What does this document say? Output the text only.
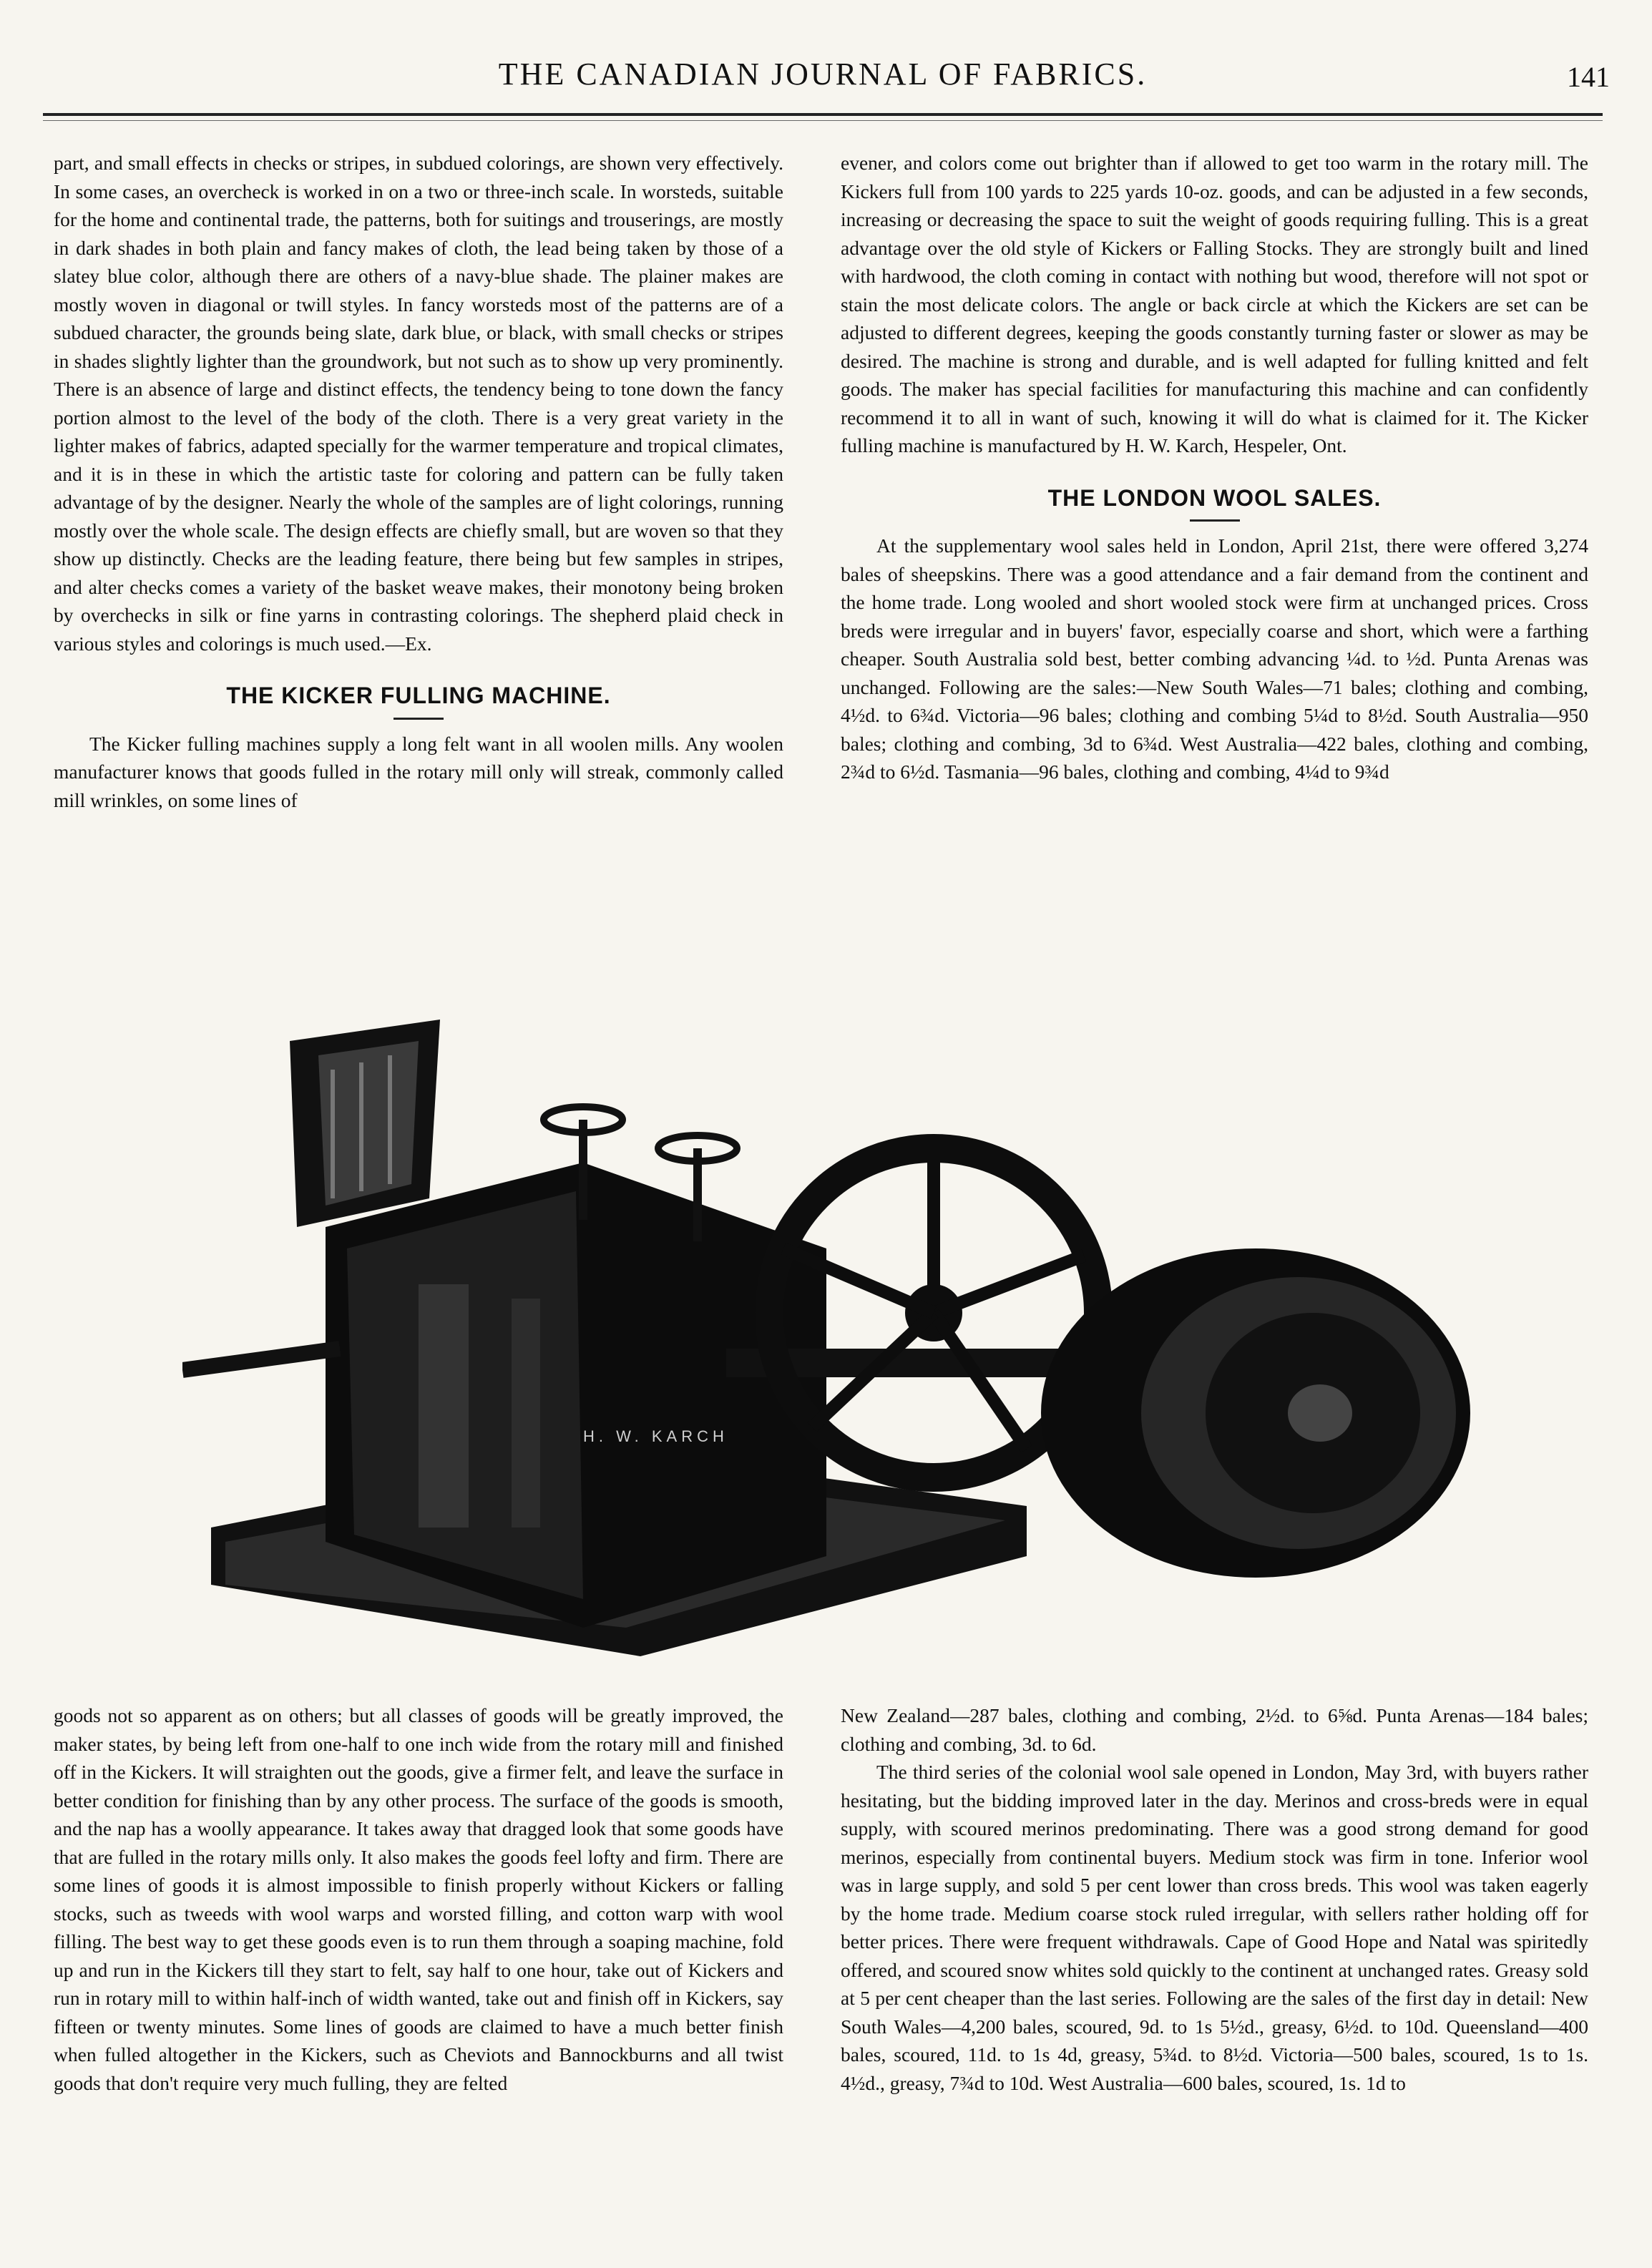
THE CANADIAN JOURNAL OF FABRICS.	141

part, and small effects in checks or stripes, in subdued colorings, are shown very effectively. In some cases, an overcheck is worked in on a two or three-inch scale. In worsteds, suitable for the home and continental trade, the patterns, both for suitings and trouserings, are mostly in dark shades in both plain and fancy makes of cloth, the lead being taken by those of a slatey blue color, although there are others of a navy-blue shade. The plainer makes are mostly woven in diagonal or twill styles. In fancy worsteds most of the patterns are of a subdued character, the grounds being slate, dark blue, or black, with small checks or stripes in shades slightly lighter than the groundwork, but not such as to show up very prominently. There is an absence of large and distinct effects, the tendency being to tone down the fancy portion almost to the level of the body of the cloth. There is a very great variety in the lighter makes of fabrics, adapted specially for the warmer temperature and tropical climates, and it is in these in which the artistic taste for coloring and pattern can be fully taken advantage of by the designer. Nearly the whole of the samples are of light colorings, running mostly over the whole scale. The design effects are chiefly small, but are woven so that they show up distinctly. Checks are the leading feature, there being but few samples in stripes, and alter checks comes a variety of the basket weave makes, their monotony being broken by overchecks in silk or fine yarns in contrasting colorings. The shepherd plaid check in various styles and colorings is much used.—Ex.

THE KICKER FULLING MACHINE.

The Kicker fulling machines supply a long felt want in all woolen mills. Any woolen manufacturer knows that goods fulled in the rotary mill only will streak, commonly called mill wrinkles, on some lines of

evener, and colors come out brighter than if allowed to get too warm in the rotary mill. The Kickers full from 100 yards to 225 yards 10-oz. goods, and can be adjusted in a few seconds, increasing or decreasing the space to suit the weight of goods requiring fulling. This is a great advantage over the old style of Kickers or Falling Stocks. They are strongly built and lined with hardwood, the cloth coming in contact with nothing but wood, therefore will not spot or stain the most delicate colors. The angle or back circle at which the Kickers are set can be adjusted to different degrees, keeping the goods constantly turning faster or slower as may be desired. The machine is strong and durable, and is well adapted for fulling knitted and felt goods. The maker has special facilities for manufacturing this machine and can confidently recommend it to all in want of such, knowing it will do what is claimed for it. The Kicker fulling machine is manufactured by H. W. Karch, Hespeler, Ont.

THE LONDON WOOL SALES.

At the supplementary wool sales held in London, April 21st, there were offered 3,274 bales of sheepskins. There was a good attendance and a fair demand from the continent and the home trade. Long wooled and short wooled stock were firm at unchanged prices. Cross breds were irregular and in buyers' favor, especially coarse and short, which were a farthing cheaper. South Australia sold best, better combing advancing ¼d. to ½d. Punta Arenas was unchanged. Following are the sales:—New South Wales—71 bales; clothing and combing, 4½d. to 6¾d. Victoria—96 bales; clothing and combing 5¼d to 8½d. South Australia—950 bales; clothing and combing, 3d to 6¾d. West Australia—422 bales, clothing and combing, 2¾d to 6½d. Tasmania—96 bales, clothing and combing, 4¼d to 9¾d

H. W. KARCH

goods not so apparent as on others; but all classes of goods will be greatly improved, the maker states, by being left from one-half to one inch wide from the rotary mill and finished off in the Kickers. It will straighten out the goods, give a firmer felt, and leave the surface in better condition for finishing than by any other process. The surface of the goods is smooth, and the nap has a woolly appearance. It takes away that dragged look that some goods have that are fulled in the rotary mills only. It also makes the goods feel lofty and firm. There are some lines of goods it is almost impossible to finish properly without Kickers or falling stocks, such as tweeds with wool warps and worsted filling, and cotton warp with wool filling. The best way to get these goods even is to run them through a soaping machine, fold up and run in the Kickers till they start to felt, say half to one hour, take out of Kickers and run in rotary mill to within half-inch of width wanted, take out and finish off in Kickers, say fifteen or twenty minutes. Some lines of goods are claimed to have a much better finish when fulled altogether in the Kickers, such as Cheviots and Bannockburns and all twist goods that don't require very much fulling, they are felted

New Zealand—287 bales, clothing and combing, 2½d. to 6⅝d. Punta Arenas—184 bales; clothing and combing, 3d. to 6d.

The third series of the colonial wool sale opened in London, May 3rd, with buyers rather hesitating, but the bidding improved later in the day. Merinos and cross-breds were in equal supply, with scoured merinos predominating. There was a good strong demand for good merinos, especially from continental buyers. Medium stock was firm in tone. Inferior wool was in large supply, and sold 5 per cent lower than cross breds. This wool was taken eagerly by the home trade. Medium coarse stock ruled irregular, with sellers rather holding off for better prices. There were frequent withdrawals. Cape of Good Hope and Natal was spiritedly offered, and scoured snow whites sold quickly to the continent at unchanged rates. Greasy sold at 5 per cent cheaper than the last series. Following are the sales of the first day in detail: New South Wales—4,200 bales, scoured, 9d. to 1s 5½d., greasy, 6½d. to 10d. Queensland—400 bales, scoured, 11d. to 1s 4d, greasy, 5¾d. to 8½d. Victoria—500 bales, scoured, 1s to 1s. 4½d., greasy, 7¾d to 10d. West Australia—600 bales, scoured, 1s. 1d to
